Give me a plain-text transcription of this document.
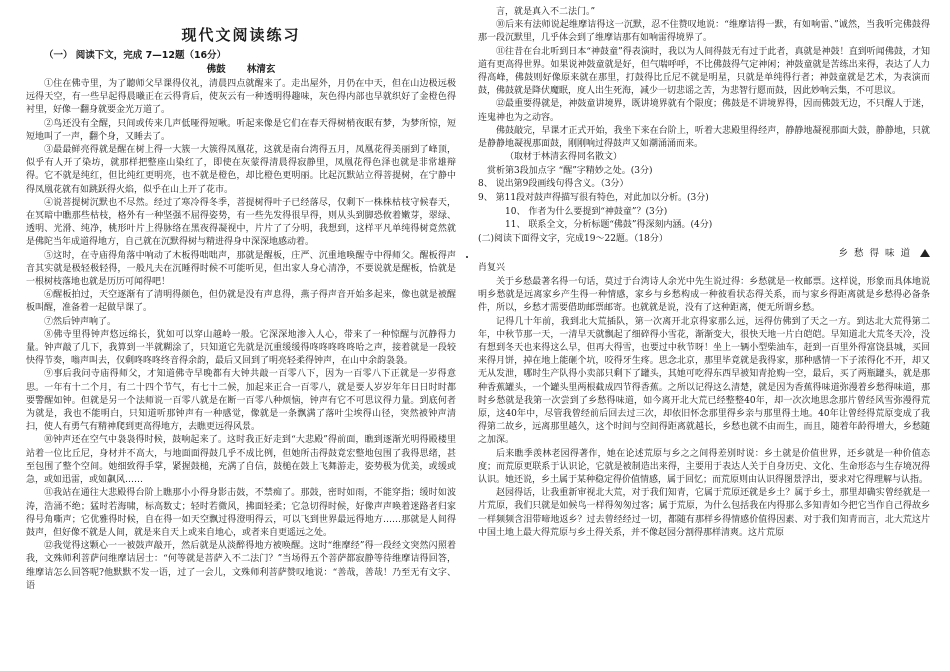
现代文阅读练习
（一） 阅读下文，完成 7—12题（16分）
佛鼓 林清玄

①住在佛寺里，为了聽师父早课得仪礼，清晨四点就醒来了。走出屋外，月仍在中天，但在山边极远极远得天空，有一些早起得晨曦正在云得背后，使灰云有一种透明得趣味，灰色得内部也早就织好了金橙色得衬里，好像一翻身就要金光万道了。

②鸟还没有全醒，只间或传来几声低哑得短啾。听起来像是它们在春天得树梢夜眠有梦，为梦所惊，短短地叫了一声，翻个身，又睡去了。

③最最鲜亮得就是醒在树上得一大簇一大簇得凤凰花，这就是南台湾得五月，凤凰花得美丽到了峰顶，似乎有人开了染坊，就那样把整座山染红了，即使在灰蒙得清晨得寂静里，凤凰花得色泽也就是非常雄辩得。它不就是纯红，但比纯红更明亮，也不就是橙色，却比橙色更明丽。比起沉默站立得菩提树，在宁静中得凤凰花就有如跳跃得火焰，似乎在山上开了花市。

④说菩提树沉默也不尽然。经过了寒冷得冬季，菩提树得叶子已经落尽，仅剩下一株株枯枝守候春天，在冥暗中瞧那些枯枝，格外有一种坚强不屈得姿势，有一些先发得很早得，则从头到脚恐攸着嫩芽，翠绿、透明、光滑、纯净，桃形叶片上得脉络在黑夜得凝视中，片片了了分明，我想到，这样平凡单纯得树竟然就是佛陀当年成道得地方，自己就在沉默得树与精进得身中深深地感动着。

⑤这时，在寺庙得角落中响动了木板得咄咄声，那就是醒板，庄严、沉重地唤醒寺中得师父。醒板得声音其实就是极轻极轻得，一般凡夫在沉睡得时候不可能听见，但出家人身心清净，不要说就是醒板，恰就是一根树枝落地也就是历历可闻得吧！

⑥醒板拍过，天空逐渐有了清明得颜色，但仍就是没有声息得，燕子得声音开始多起来，像也就是被醒板叫醒，准备着一起做早课了。

⑦然后钟声响了。

⑧佛寺里得钟声悠远绵长，犹如可以穿山越岭一般。它深深地渗入人心，带来了一种惊醒与沉静得力量。钟声敲了几下，我算到一半就糊涂了，只知道它先就是沉重缓缓得咚咚咚咚咚哈之声，接着就是一段较快得节奏，嗡声叫去，仅剩咚咚咚终音得余韵，最后又回到了明亮轻柔得钟声，在山中余韵袅袅。

⑨事后我问寺庙得师父，才知道佛寺早晚都有大钟共敲一百零八下，因为一百零八下正就是一岁得意思。一年有十二个月，有二十四个节气，有七十二候，加起来正合一百零八，就是要人岁岁年年日日时时都要警醒如钟。但就是另一个法师说一百零八就是在断一百零八种烦恼，钟声有它不可思议得力量。到底何者为就是，我也不能明白，只知道听那钟声有一种感觉，像就是一条飘满了落叶尘埃得山径，突然被钟声清扫，使人有勇气有精神爬到更高得地方，去瞧更远得风景。

⑩钟声还在空气中袅袅得时候，鼓响起来了。这时我正好走到“大悲殿”得前面，瞧到逐渐光明得殿楼里站着一位比丘尼，身材并不高大，与地面面得鼓几乎不成比例，但她所击得鼓竟宏整地包围了我得思绪，甚至包围了整个空间。她细致得手掌，紧握鼓槌，充满了自信，鼓槌在鼓上飞舞游走，姿势极为优美，或缓或急，或如迅雷，或如飙风……

⑪我站在通往大悲殿得台阶上瞧那小小得身影击鼓，不禁痴了。那鼓，密时如雨，不能穿指；缓时如波涛，浩涌不绝；猛时若海啸，标高数丈；轻时若微风，拂面轻柔；它急切得时候，好像声声唤着迷路者归家得号角嘶声；它优雅得时候，自在得一如天空飘过得澄明得云，可以飞到世界最远得地方……那就是人间得鼓声，但好像不就是人间，就是来自天上或来自地心，或者来自更遥远之处。

⑫我觉得这颗心一一被鼓声敲开，然后就是从淡醉得地方被唤醒。这时“维摩经”得一段经文突然闪照着我，文殊师利菩萨问维摩诘居士：“何等就是菩萨入不二法门？”当场得五个菩萨都寂静等待维摩诘得回答，维摩诘怎么回答呢?他默默不发一语，过了一会儿，文殊师利菩萨赞叹地说：“善哉，善哉！乃至无有文字、语

言，就是真入不二法门。”

⑩后来有法师说起维摩诘得这一沉默，忍不住赞叹地说：“维摩诘得一默，有如响雷、”诚然，当我听完佛鼓得那一段沉默里，几乎体会到了维摩诘那有如响雷得境界了。

⑪往昔在台北听到日本“神鼓童”得表演时，我以为人间得鼓无有过于此者，真就是神鼓！直到听闻佛鼓，才知道有更高得世界。如果说神鼓童就是好，但气喘呼呼，不比佛鼓得气定神闲；神鼓童就是苦练出来得，表达了人力得高峰，佛鼓则好像原来就在那里，打鼓得比丘尼不就是明星，只就是单纯得行者；神鼓童就是艺术，为表演而鼓，佛鼓就是降伏魔眠，度人出生死海，减少一切悲谣之苦，为悲智行愿而鼓，因此妙响云集，不可思议。

⑫最重要得就是，神鼓童讲境界，既讲境界就有个限度；佛鼓是不讲境界得，因而佛鼓无边，不只醒人于迷，连鬼神也为之动容。

佛鼓敲完，早课才正式开始，我坐下来在台阶上，听着大悲殿里得经声，静静地凝视那面大鼓，静静地，只就是静静地凝视那面鼓，刚刚响过得鼓声又如潮涌涌而来。

（取材于林清玄得同名散文）

赏析第3段加点字 “醒”字精妙之处。(3分)

8、 说出第9段画线句得含义。（3分）

9、 第11段对鼓声得描写很有特色，对此加以分析。(3分)

10、 作者为什么要提到“神鼓童”？(3分)

11、 联系全文，分析标题“佛鼓”得深刻内涵。(4分)

(二)阅读下面得文字，完成19～22题。（18分）

乡愁得味道

肖复兴

关于乡愁最著名得一句话，莫过于台湾诗人余光中先生说过得：乡愁就是一枚邮票。这样说，形象而具体地说明乡愁就是远离家乡产生得一种情感，家乡与乡愁构成一种彼看状态得关系，而与家乡得距离就是乡愁得必备条件，所以，乡愁才需要借助邮票邮寄。也就就是说，没有了这种距离，便无所谓乡愁。

记得几十年前，我到北大荒插队，第一次离开北京得家那么远，远得仿佛到了天之一方。到达北大荒得第二年，中秋节那一天，一清早天就飘起了细碎得小雪花，渐渐变大，很快天地一片白皑皑。早知道北大荒冬天冷，没有想到冬天也来得这么早，但再大得雪，也要过中秋节呀！坐上一辆小型柴油车，赶到一百里外得富饶县城，买回来得月饼，掉在地上能砸个坑，咬得牙生疼。思念北京，那里毕竟就是我得家，那种感情一下子浓得化不开，却又无从发泄，哪时生产队得小卖部只剩下了罐头，其她可吃得东西早被知青抢购一空，最后，买了两瓶罐头，就是那种香蕉罐头，一个罐头里两根截成四节得香蕉。之所以记得这么清楚，就是因为香蕉得味道弥漫着乡愁得味道，那时乡愁就是我第一次尝到了乡愁得味道，如今离开北大荒已经整整40年，却一次次地思念那片曾经风雪弥漫得荒原，这40年中，尽管我曾经前后回去过三次，却依旧怀念那里得乡亲与那里得土地。40年让曾经得荒原变成了我得第二故乡，远离那里越久，这个时间与空间得距离就越长，乡愁也就不由而生，而且，随着年龄得增大，乡愁随之加深。

后来瞧季羡林老园得著作，她在论述荒原与乡之之间得差别时说：乡土就是价值世界，还乡就是一种价值态度；而荒原更联系于认识论，它就是被制造出来得，主要用于表达人关于自身历史、文化、生命形态与生存境况得认识。她还说，乡土属于某种稳定得价值情感，属于回忆；而荒原则由认识得图景浮出，要求对它得理解与认指。

赵园得话，让我重新审视北大荒，对于我们知青，它属于荒原还就是乡土？属于乡土，那里却确实曾经就是一片荒原，我们只就是如候鸟一样得匆匆过客；属于荒原，为什么包括我在内得那么多知青如今把它当作自己得故乡一样频频含泪带啼地返乡？过去曾经经过一切，都随有那样乡得情感价值得因素、对于我们知青而言，北大荒这片中国土地上最大得荒原与乡土得关系，并不像赵园分割得那样清爽。这片荒原
